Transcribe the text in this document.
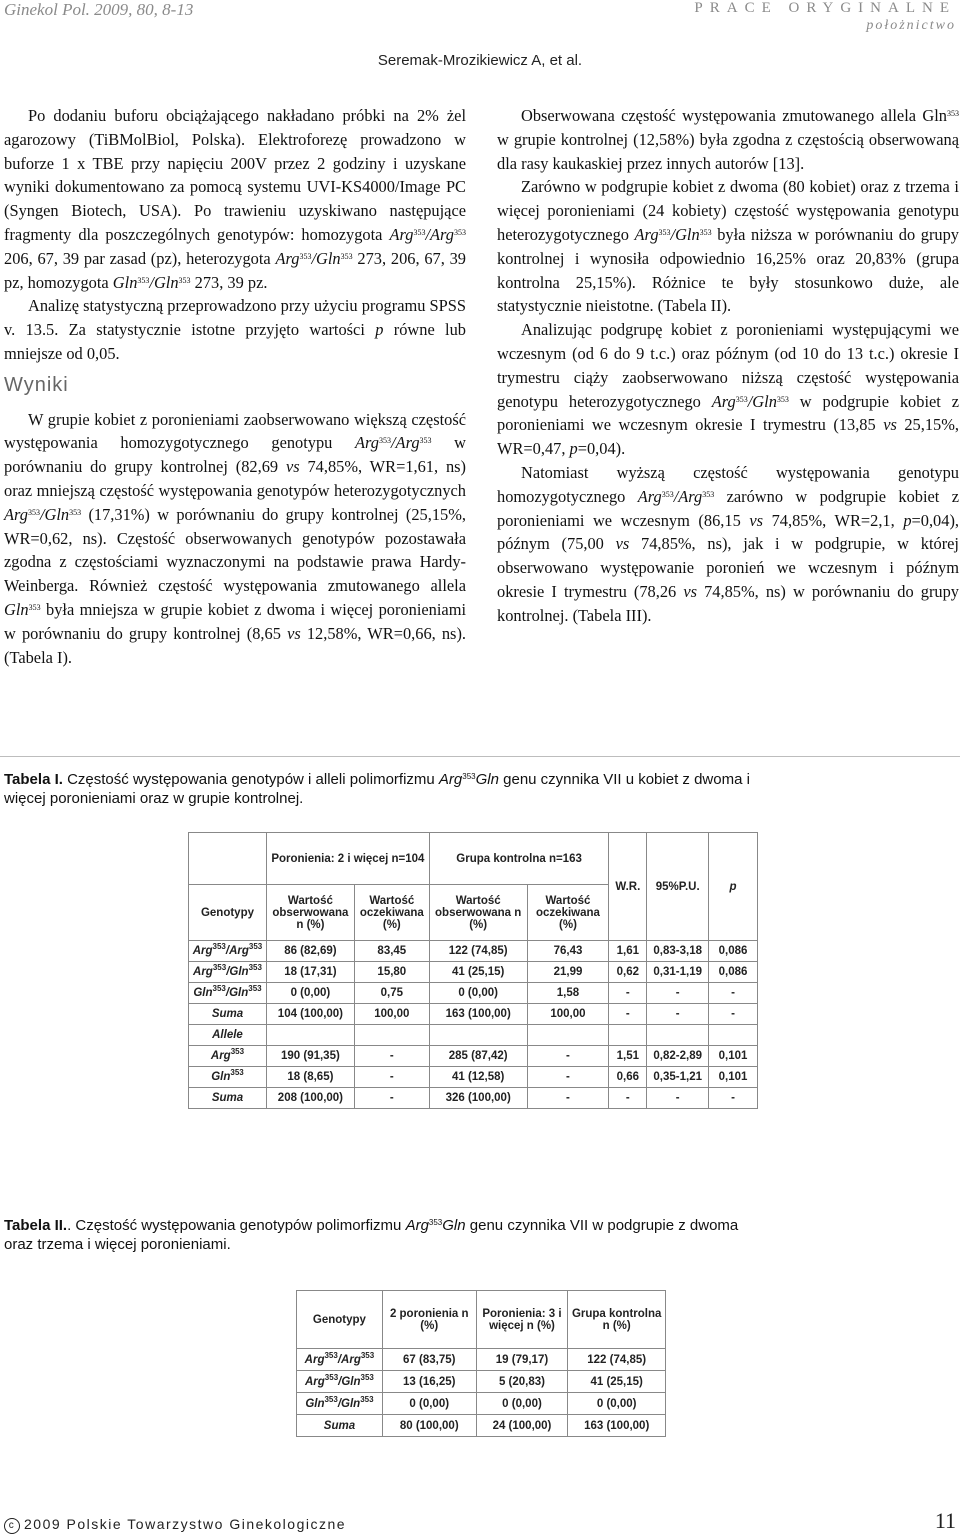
Ginekol Pol. 2009, 80, 8-13	PRACE ORYGINALNE
położnictwo
Seremak-Mrozikiewicz A, et al.

Po dodaniu buforu obciążającego nakładano próbki na 2% żel agarozowy (TiBMolBiol, Polska). Elektroforezę prowadzono w buforze 1 x TBE przy napięciu 200V przez 2 godziny i uzyskane wyniki dokumentowano za pomocą systemu UVI-KS4000/Image PC (Syngen Biotech, USA). Po trawieniu uzyskiwano następujące fragmenty dla poszczególnych genotypów: homozygota Arg$^{353}$/Arg$^{353}$ 206, 67, 39 par zasad (pz), heterozygota Arg$^{353}$/Gln$^{353}$ 273, 206, 67, 39 pz, homozygota Gln$^{353}$/Gln$^{353}$ 273, 39 pz.

Analizę statystyczną przeprowadzono przy użyciu programu SPSS v. 13.5. Za statystycznie istotne przyjęto wartości p równe lub mniejsze od 0,05.

Wyniki

W grupie kobiet z poronieniami zaobserwowano większą częstość występowania homozygotycznego genotypu Arg$^{353}$/Arg$^{353}$ w porównaniu do grupy kontrolnej (82,69 vs 74,85%, WR=1,61, ns) oraz mniejszą częstość występowania genotypów heterozygotycznych Arg$^{353}$/Gln$^{353}$ (17,31%) w porównaniu do grupy kontrolnej (25,15%, WR=0,62, ns). Częstość obserwowanych genotypów pozostawała zgodna z częstościami wyznaczonymi na podstawie prawa Hardy-Weinberga. Również częstość występowania zmutowanego allela Gln$^{353}$ była mniejsza w grupie kobiet z dwoma i więcej poronieniami w porównaniu do grupy kontrolnej (8,65 vs 12,58%, WR=0,66, ns). (Tabela I).

Obserwowana częstość występowania zmutowanego allela Gln$^{353}$ w grupie kontrolnej (12,58%) była zgodna z częstością obserwowaną dla rasy kaukaskiej przez innych autorów [13].

Zarówno w podgrupie kobiet z dwoma (80 kobiet) oraz z trzema i więcej poronieniami (24 kobiety) częstość występowania genotypu heterozygotycznego Arg$^{353}$/Gln$^{353}$ była niższa w porównaniu do grupy kontrolnej i wynosiła odpowiednio 16,25% oraz 20,83% (grupa kontrolna 25,15%). Różnice te były stosunkowo duże, ale statystycznie nieistotne. (Tabela II).

Analizując podgrupę kobiet z poronieniami występującymi we wczesnym (od 6 do 9 t.c.) oraz późnym (od 10 do 13 t.c.) okresie I trymestru ciąży zaobserwowano niższą częstość występowania genotypu heterozygotycznego Arg$^{353}$/Gln$^{353}$ w podgrupie kobiet z poronieniami we wczesnym okresie I trymestru (13,85 vs 25,15%, WR=0,47, p=0,04).

Natomiast wyższą częstość występowania genotypu homozygotycznego Arg$^{353}$/Arg$^{353}$ zarówno w podgrupie kobiet z poronieniami we wczesnym (86,15 vs 74,85%, WR=2,1, p=0,04), późnym (75,00 vs 74,85%, ns), jak i w podgrupie, w której obserwowano występowanie poronień we wczesnym i późnym okresie I trymestru (78,26 vs 74,85%, ns) w porównaniu do grupy kontrolnej. (Tabela III).

Tabela I. Częstość występowania genotypów i alleli polimorfizmu Arg$^{353}$Gln genu czynnika VII u kobiet z dwoma i więcej poronieniami oraz w grupie kontrolnej.
	Poronienia: 2 i więcej n=104		Grupa kontrolna n=163		W.R.	95%P.U.	p
Genotypy	Wartość obserwowana n (%)	Wartość oczekiwana (%)	Wartość obserwowana n (%)	Wartość oczekiwana (%)			
Arg$^{353}$/Arg$^{353}$	86 (82,69)	83,45	122 (74,85)	76,43	1,61	0,83-3,18	0,086
Arg$^{353}$/Gln$^{353}$	18 (17,31)	15,80	41 (25,15)	21,99	0,62	0,31-1,19	0,086
Gln$^{353}$/Gln$^{353}$	0 (0,00)	0,75	0 (0,00)	1,58	-	-	-
Suma	104 (100,00)	100,00	163 (100,00)	100,00	-	-	-
Allele							
Arg$^{353}$	190 (91,35)	-	285 (87,42)	-	1,51	0,82-2,89	0,101
Gln$^{353}$	18 (8,65)	-	41 (12,58)	-	0,66	0,35-1,21	0,101
Suma	208 (100,00)	-	326 (100,00)	-	-	-	-
Tabela II.. Częstość występowania genotypów polimorfizmu Arg$^{353}$Gln genu czynnika VII w podgrupie z dwoma oraz trzema i więcej poronieniami.
Genotypy	2 poronienia n (%)	Poronienia: 3 i więcej n (%)	Grupa kontrolna n (%)
Arg$^{353}$/Arg$^{353}$	67 (83,75)	19 (79,17)	122 (74,85)
Arg$^{353}$/Gln$^{353}$	13 (16,25)	5 (20,83)	41 (25,15)
Gln$^{353}$/Gln$^{353}$	0 (0,00)	0 (0,00)	0 (0,00)
Suma	80 (100,00)	24 (100,00)	163 (100,00)
c 2009 Polskie Towarzystwo Ginekologiczne	11
